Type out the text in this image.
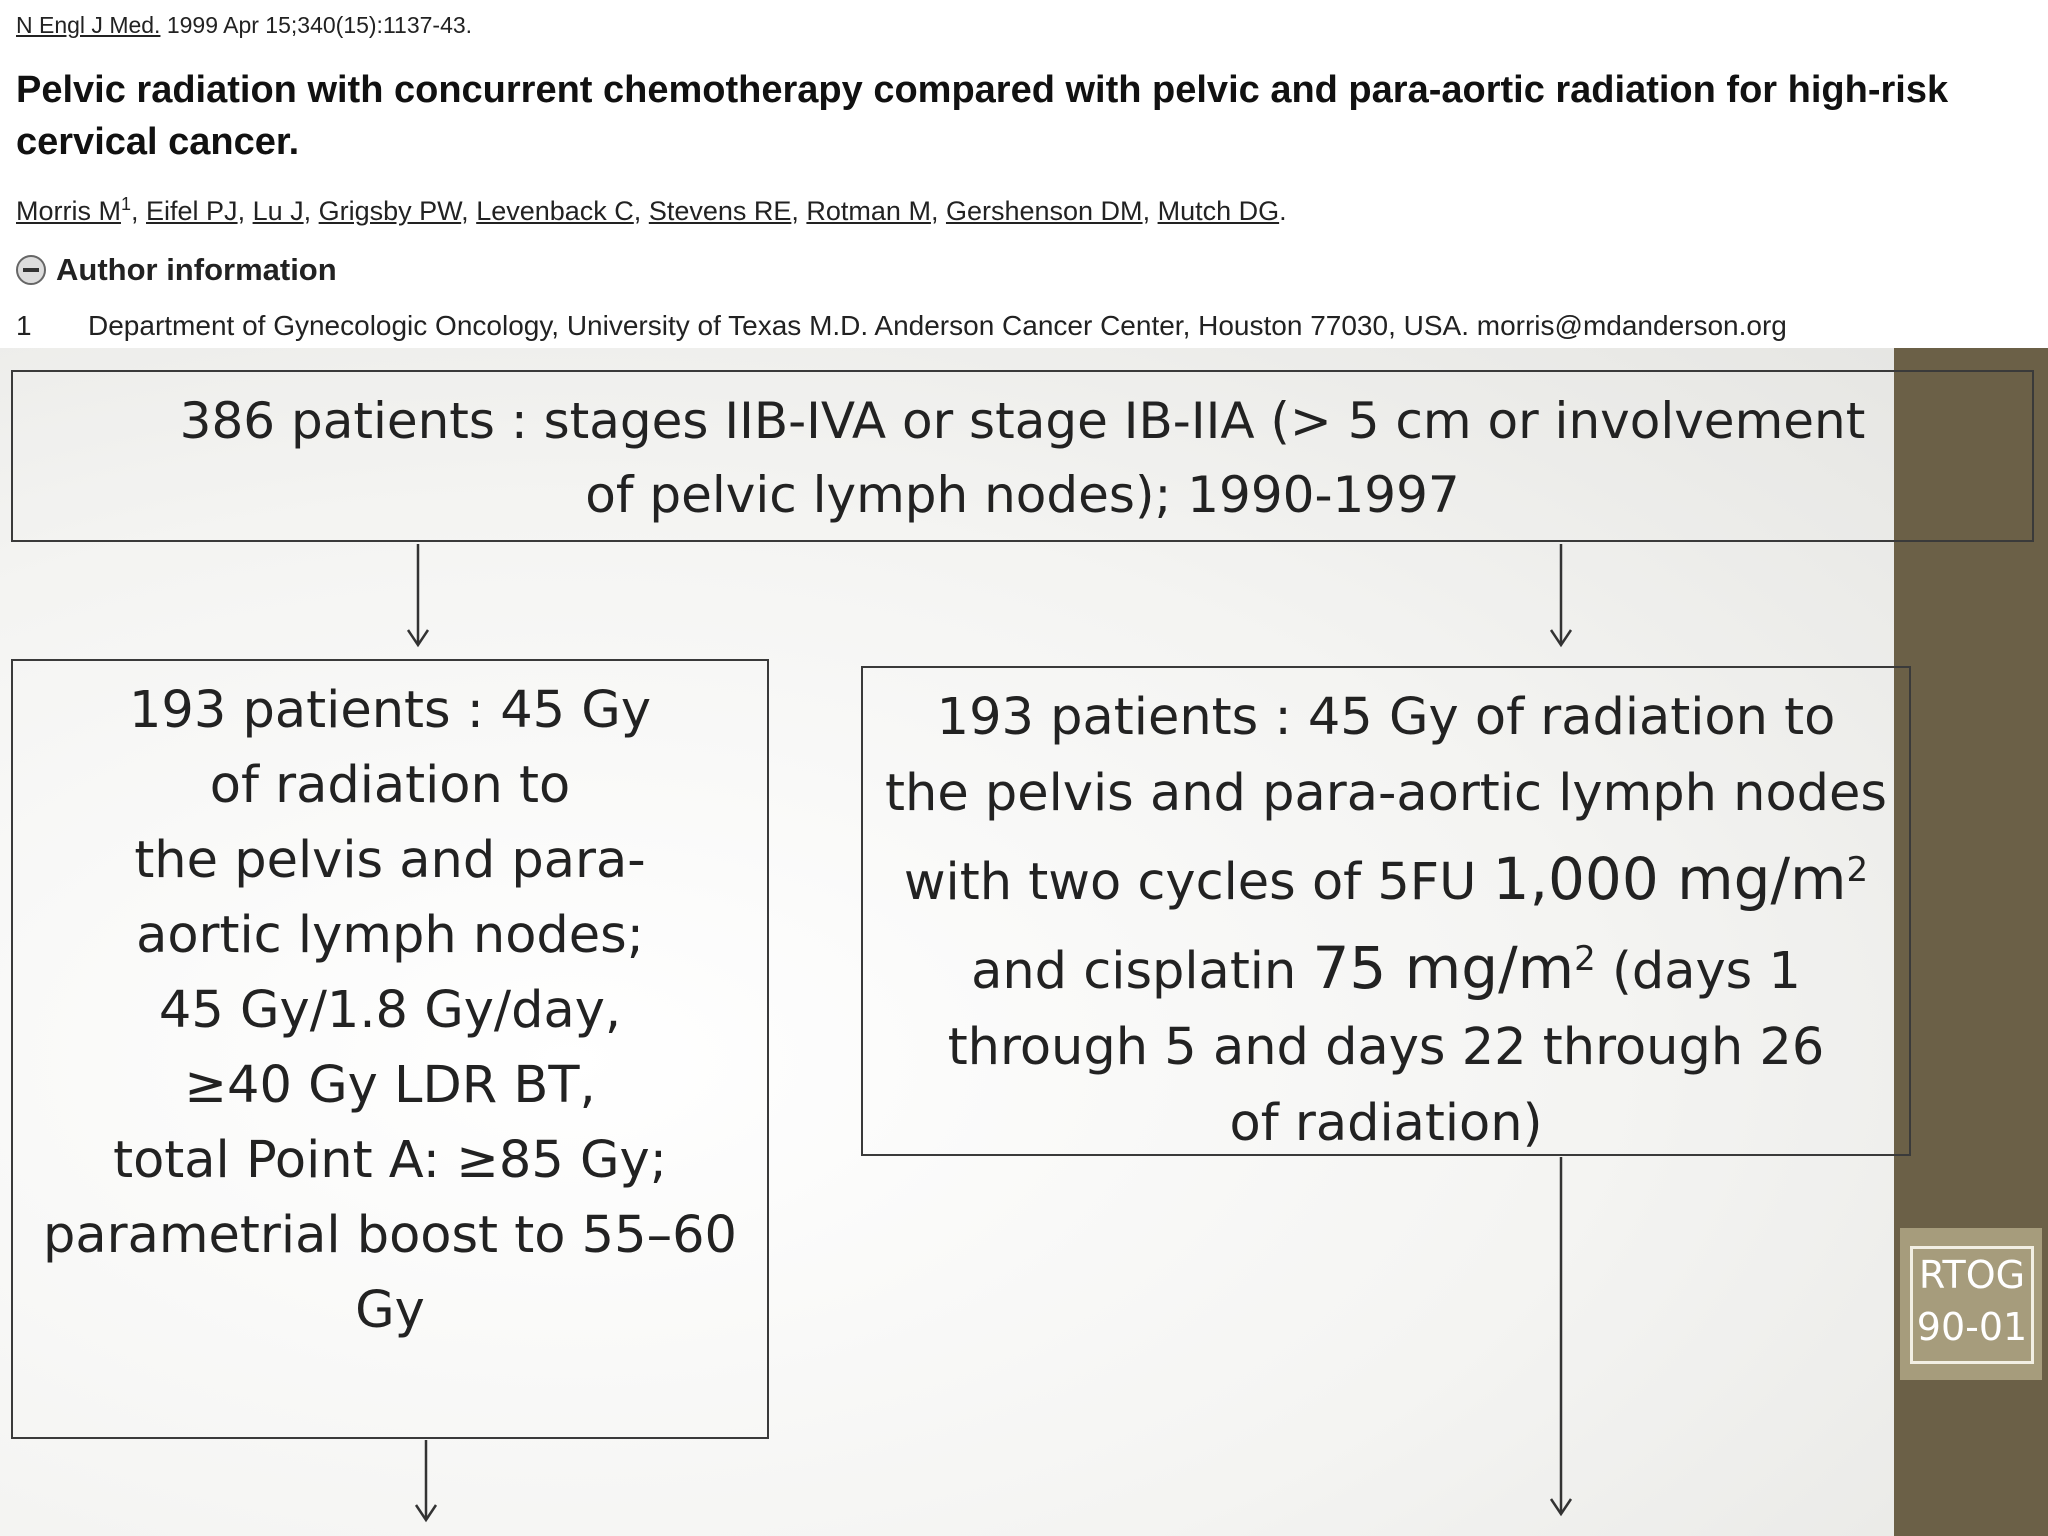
RTOG
90-01
N Engl J Med. 1999 Apr 15;340(15):1137-43.
Pelvic radiation with concurrent chemotherapy compared with pelvic and para-aortic radiation for high-risk cervical cancer.
Morris $M^1$, Eifel PJ, Lu J, Grigsby PW, Levenback C, Stevens RE, Rotman M, Gershenson DM, Mutch DG.
Author information
1 Department of Gynecologic Oncology, University of Texas M.D. Anderson Cancer Center, Houston 77030, USA. morris@mdanderson.org

386 patients : stages IIB-IVA or stage IB-IIA (> 5 cm or involvement

of pelvic lymph nodes); 1990-1997

193 patients : 45 Gy

of radiation to

the pelvis and para-

aortic lymph nodes;

45 Gy/1.8 Gy/day,

≥40 Gy LDR BT,

total Point A: ≥85 Gy;

parametrial boost to 55–60

Gy

193 patients : 45 Gy of radiation to

the pelvis and para-aortic lymph nodes

with two cycles of 5FU 1,000 $mg/m^2$

and cisplatin 75 $mg/m^2$ (days 1

through 5 and days 22 through 26

of radiation)
